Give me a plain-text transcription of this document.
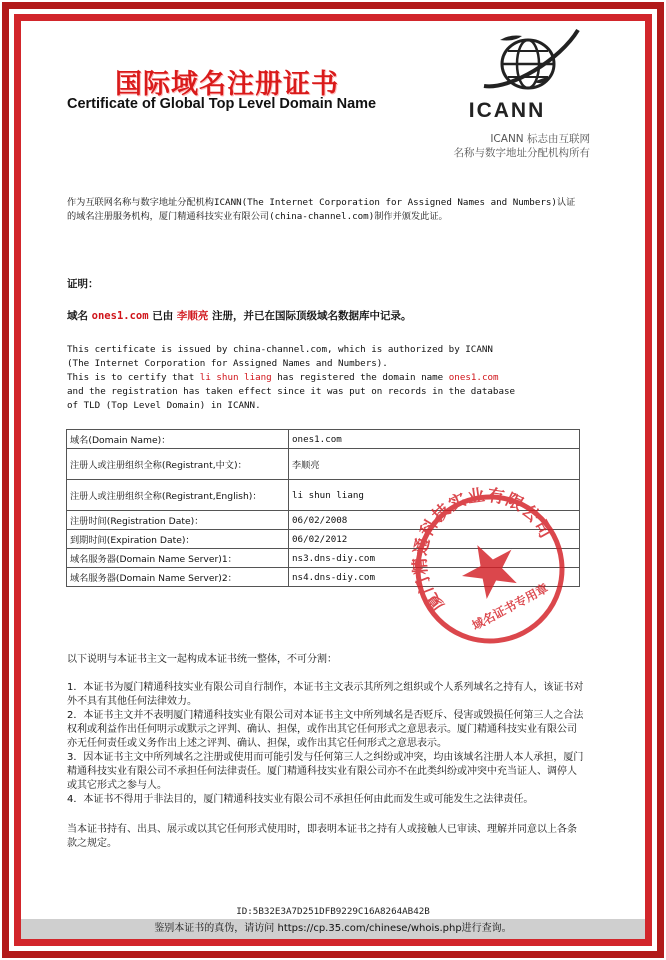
国际域名注册证书
Certificate of Global Top Level Domain Name	ICANN
ICANN 标志由互联网
名称与数字地址分配机构所有
作为互联网名称与数字地址分配机构ICANN(The Internet Corporation for Assigned Names and Numbers)认证的域名注册服务机构，厦门精通科技实业有限公司(china-channel.com)制作并颁发此证。
证明：
域名 ones1.com 已由 李顺亮 注册，并已在国际顶级域名数据库中记录。
This certificate is issued by china-channel.com, which is authorized by ICANN
(The Internet Corporation for Assigned Names and Numbers).
This is to certify that li shun liang has registered the domain name ones1.com
and the registration has taken effect since it was put on records in the database
of TLD (Top Level Domain) in ICANN.
域名(Domain Name)：	ones1.com
注册人或注册组织全称(Registrant,中文)：	李顺亮
注册人或注册组织全称(Registrant,English)：	li shun liang
注册时间(Registration Date)：	06/02/2008
到期时间(Expiration Date)：	06/02/2012
域名服务器(Domain Name Server)1：	ns3.dns-diy.com
域名服务器(Domain Name Server)2：	ns4.dns-diy.com
厦门精通科技实业有限公司
域名证书专用章

以下说明与本证书主文一起构成本证书统一整体，不可分割：

1．本证书为厦门精通科技实业有限公司自行制作，本证书主文表示其所列之组织或个人系列域名之持有人，该证书对外不具有其他任何法律效力。

2．本证书主文并不表明厦门精通科技实业有限公司对本证书主文中所列域名是否贬斥、侵害或毁损任何第三人之合法权利或利益作出任何明示或默示之评判、确认、担保，或作出其它任何形式之意思表示。厦门精通科技实业有限公司亦无任何责任或义务作出上述之评判、确认、担保，或作出其它任何形式之意思表示。

3．因本证书主文中所列域名之注册或使用而可能引发与任何第三人之纠纷或冲突，均由该域名注册人本人承担，厦门精通科技实业有限公司不承担任何法律责任。厦门精通科技实业有限公司亦不在此类纠纷或冲突中充当证人、调停人或其它形式之参与人。

4．本证书不得用于非法目的，厦门精通科技实业有限公司不承担任何由此而发生或可能发生之法律责任。

当本证书持有、出具、展示或以其它任何形式使用时，即表明本证书之持有人或接触人已审读、理解并同意以上各条款之规定。

ID:5B32E3A7D251DFB9229C16A8264AB42B
鉴别本证书的真伪，请访问 https://cp.35.com/chinese/whois.php进行查询。
